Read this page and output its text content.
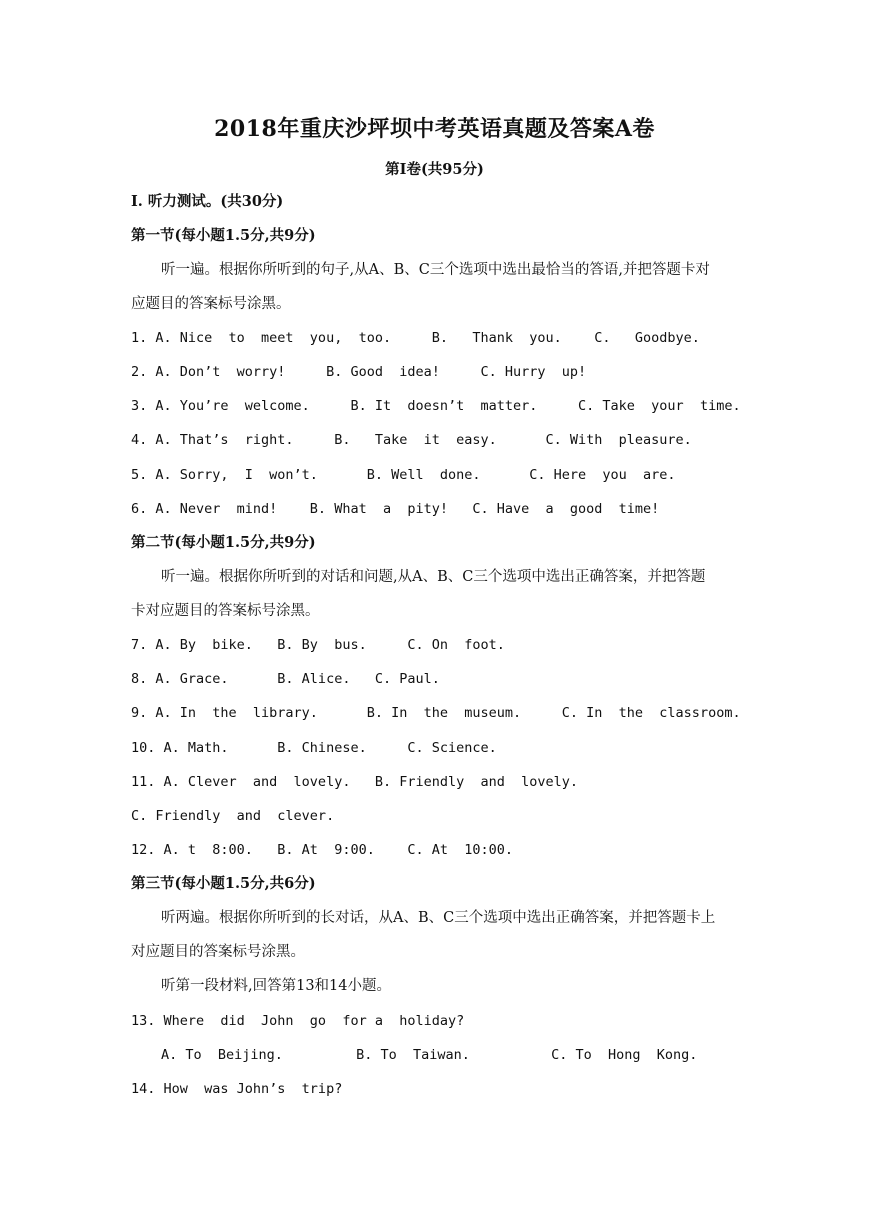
2018年重庆沙坪坝中考英语真题及答案A卷
第Ⅰ卷(共95分)
Ⅰ. 听力测试。(共30分)
第一节(每小题1.5分,共9分)
听一遍。根据你所听到的句子,从A、B、C三个选项中选出最恰当的答语,并把答题卡对
应题目的答案标号涂黑。
1. A. Nice  to  meet  you,  too.     B.   Thank  you.    C.   Goodbye.
2. A. Don’t  worry!     B. Good  idea!     C. Hurry  up!
3. A. You’re  welcome.     B. It  doesn’t  matter.     C. Take  your  time.
4. A. That’s  right.     B.   Take  it  easy.      C. With  pleasure.
5. A. Sorry,  I  won’t.      B. Well  done.      C. Here  you  are.
6. A. Never  mind!    B. What  a  pity!   C. Have  a  good  time!
第二节(每小题1.5分,共9分)
听一遍。根据你所听到的对话和问题,从A、B、C三个选项中选出正确答案，并把答题
卡对应题目的答案标号涂黑。
7. A. By  bike.   B. By  bus.     C. On  foot.
8. A. Grace.      B. Alice.   C. Paul.
9. A. In  the  library.      B. In  the  museum.     C. In  the  classroom.
10. A. Math.      B. Chinese.     C. Science.
11. A. Clever  and  lovely.   B. Friendly  and  lovely.
C. Friendly  and  clever.
12. A. t  8:00.   B. At  9:00.    C. At  10:00.
第三节(每小题1.5分,共6分)
听两遍。根据你所听到的长对话，从A、B、C三个选项中选出正确答案，并把答题卡上
对应题目的答案标号涂黑。
听第一段材料,回答第13和14小题。
13. Where  did  John  go  for a  holiday?
A. To  Beijing.         B. To  Taiwan.          C. To  Hong  Kong.
14. How  was John’s  trip?
